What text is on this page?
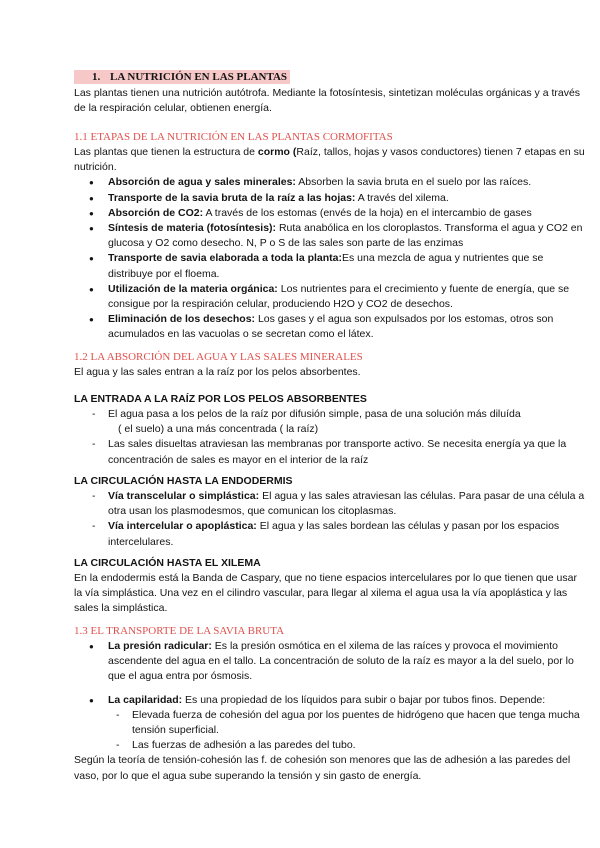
1. LA NUTRICIÓN EN LAS PLANTAS

Las plantas tienen una nutrición autótrofa. Mediante la fotosíntesis, sintetizan moléculas orgánicas y a través de la respiración celular, obtienen energía.

1.1 ETAPAS DE LA NUTRICIÓN EN LAS PLANTAS CORMOFITAS

Las plantas que tienen la estructura de cormo (Raíz, tallos, hojas y vasos conductores) tienen 7 etapas en su nutrición.

● Absorción de agua y sales minerales: Absorben la savia bruta en el suelo por las raíces.
● Transporte de la savia bruta de la raíz a las hojas: A través del xilema.
● Absorción de CO2: A través de los estomas (envés de la hoja) en el intercambio de gases
● Síntesis de materia (fotosíntesis): Ruta anabólica en los cloroplastos. Transforma el agua y CO2 en glucosa y O2 como desecho. N, P o S de las sales son parte de las enzimas
● Transporte de savia elaborada a toda la planta:Es una mezcla de agua y nutrientes que se distribuye por el floema.
● Utilización de la materia orgánica: Los nutrientes para el crecimiento y fuente de energía, que se consigue por la respiración celular, produciendo H2O y CO2 de desechos.
● Eliminación de los desechos: Los gases y el agua son expulsados por los estomas, otros son acumulados en las vacuolas o se secretan como el látex.
1.2 LA ABSORCIÓN DEL AGUA Y LAS SALES MINERALES

El agua y las sales entran a la raíz por los pelos absorbentes.

LA ENTRADA A LA RAÍZ POR LOS PELOS ABSORBENTES
- El agua pasa a los pelos de la raíz por difusión simple, pasa de una solución más diluída
( el suelo) a una más concentrada ( la raíz)
- Las sales disueltas atraviesan las membranas por transporte activo. Se necesita energía ya que la concentración de sales es mayor en el interior de la raíz
LA CIRCULACIÓN HASTA LA ENDODERMIS
- Vía transcelular o simplástica: El agua y las sales atraviesan las células. Para pasar de una célula a otra usan los plasmodesmos, que comunican los citoplasmas.
- Vía intercelular o apoplástica: El agua y las sales bordean las células y pasan por los espacios intercelulares.
LA CIRCULACIÓN HASTA EL XILEMA

En la endodermis está la Banda de Caspary, que no tiene espacios intercelulares por lo que tienen que usar la vía simplástica. Una vez en el cilindro vascular, para llegar al xilema el agua usa la vía apoplástica y las sales la simplástica.

1.3 EL TRANSPORTE DE LA SAVIA BRUTA
● La presión radicular: Es la presión osmótica en el xilema de las raíces y provoca el movimiento ascendente del agua en el tallo. La concentración de soluto de la raíz es mayor a la del suelo, por lo que el agua entra por ósmosis.
● La capilaridad: Es una propiedad de los líquidos para subir o bajar por tubos finos. Depende:
- Elevada fuerza de cohesión del agua por los puentes de hidrógeno que hacen que tenga mucha tensión superficial.
- Las fuerzas de adhesión a las paredes del tubo.

Según la teoría de tensión-cohesión las f. de cohesión son menores que las de adhesión a las paredes del vaso, por lo que el agua sube superando la tensión y sin gasto de energía.
